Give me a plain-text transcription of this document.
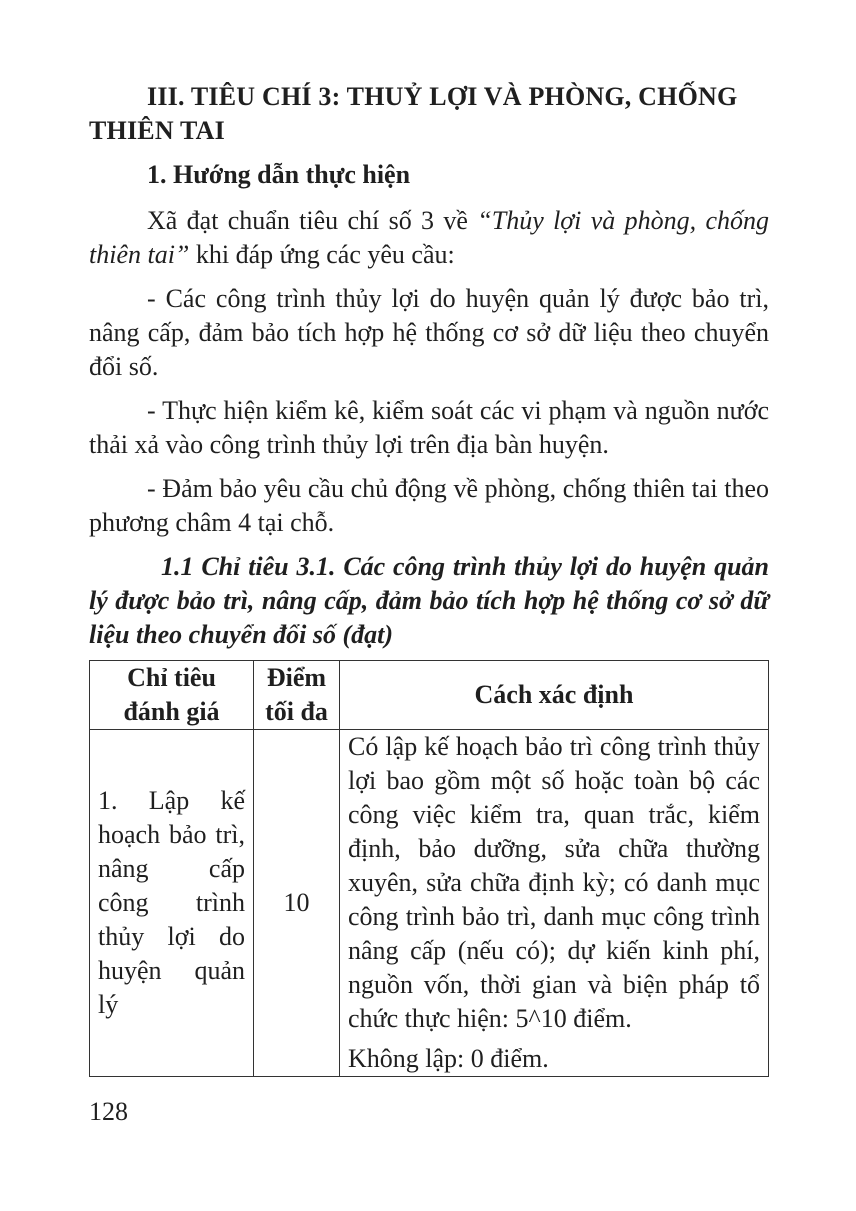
III. TIÊU CHÍ 3: THUỶ LỢI VÀ PHÒNG, CHỐNG THIÊN TAI
1. Hướng dẫn thực hiện

Xã đạt chuẩn tiêu chí số 3 về “Thủy lợi và phòng, chống thiên tai” khi đáp ứng các yêu cầu:

- Các công trình thủy lợi do huyện quản lý được bảo trì, nâng cấp, đảm bảo tích hợp hệ thống cơ sở dữ liệu theo chuyển đổi số.

- Thực hiện kiểm kê, kiểm soát các vi phạm và nguồn nước thải xả vào công trình thủy lợi trên địa bàn huyện.

- Đảm bảo yêu cầu chủ động về phòng, chống thiên tai theo phương châm 4 tại chỗ.

1.1 Chỉ tiêu 3.1. Các công trình thủy lợi do huyện quản lý được bảo trì, nâng cấp, đảm bảo tích hợp hệ thống cơ sở dữ liệu theo chuyển đổi số (đạt)

Chỉ tiêu đánh giá	Điểm tối đa	Cách xác định
1. Lập kế hoạch bảo trì, nâng cấp công trình thủy lợi do huyện quản lý	10	Có lập kế hoạch bảo trì công trình thủy lợi bao gồm một số hoặc toàn bộ các công việc kiểm tra, quan trắc, kiểm định, bảo dưỡng, sửa chữa thường xuyên, sửa chữa định kỳ; có danh mục công trình bảo trì, danh mục công trình nâng cấp (nếu có); dự kiến kinh phí, nguồn vốn, thời gian và biện pháp tổ chức thực hiện: 5^10 điểm.

Không lập: 0 điểm.

128
